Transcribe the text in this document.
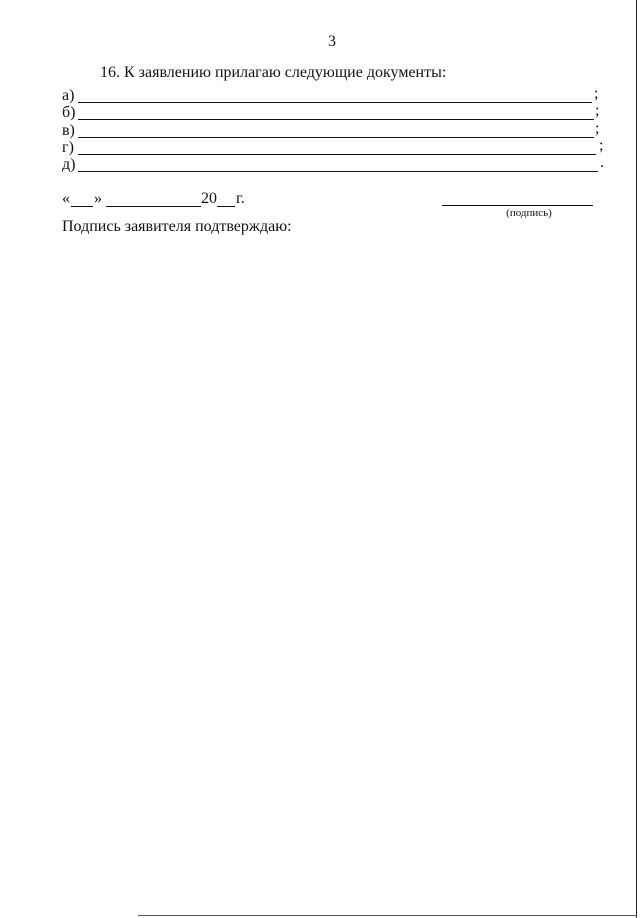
3
16. К заявлению прилагаю следующие документы:
а)	;
б)	;
в)	;
г)	;
д)	.
« »	20 г.
(подпись)
Подпись заявителя подтверждаю:
